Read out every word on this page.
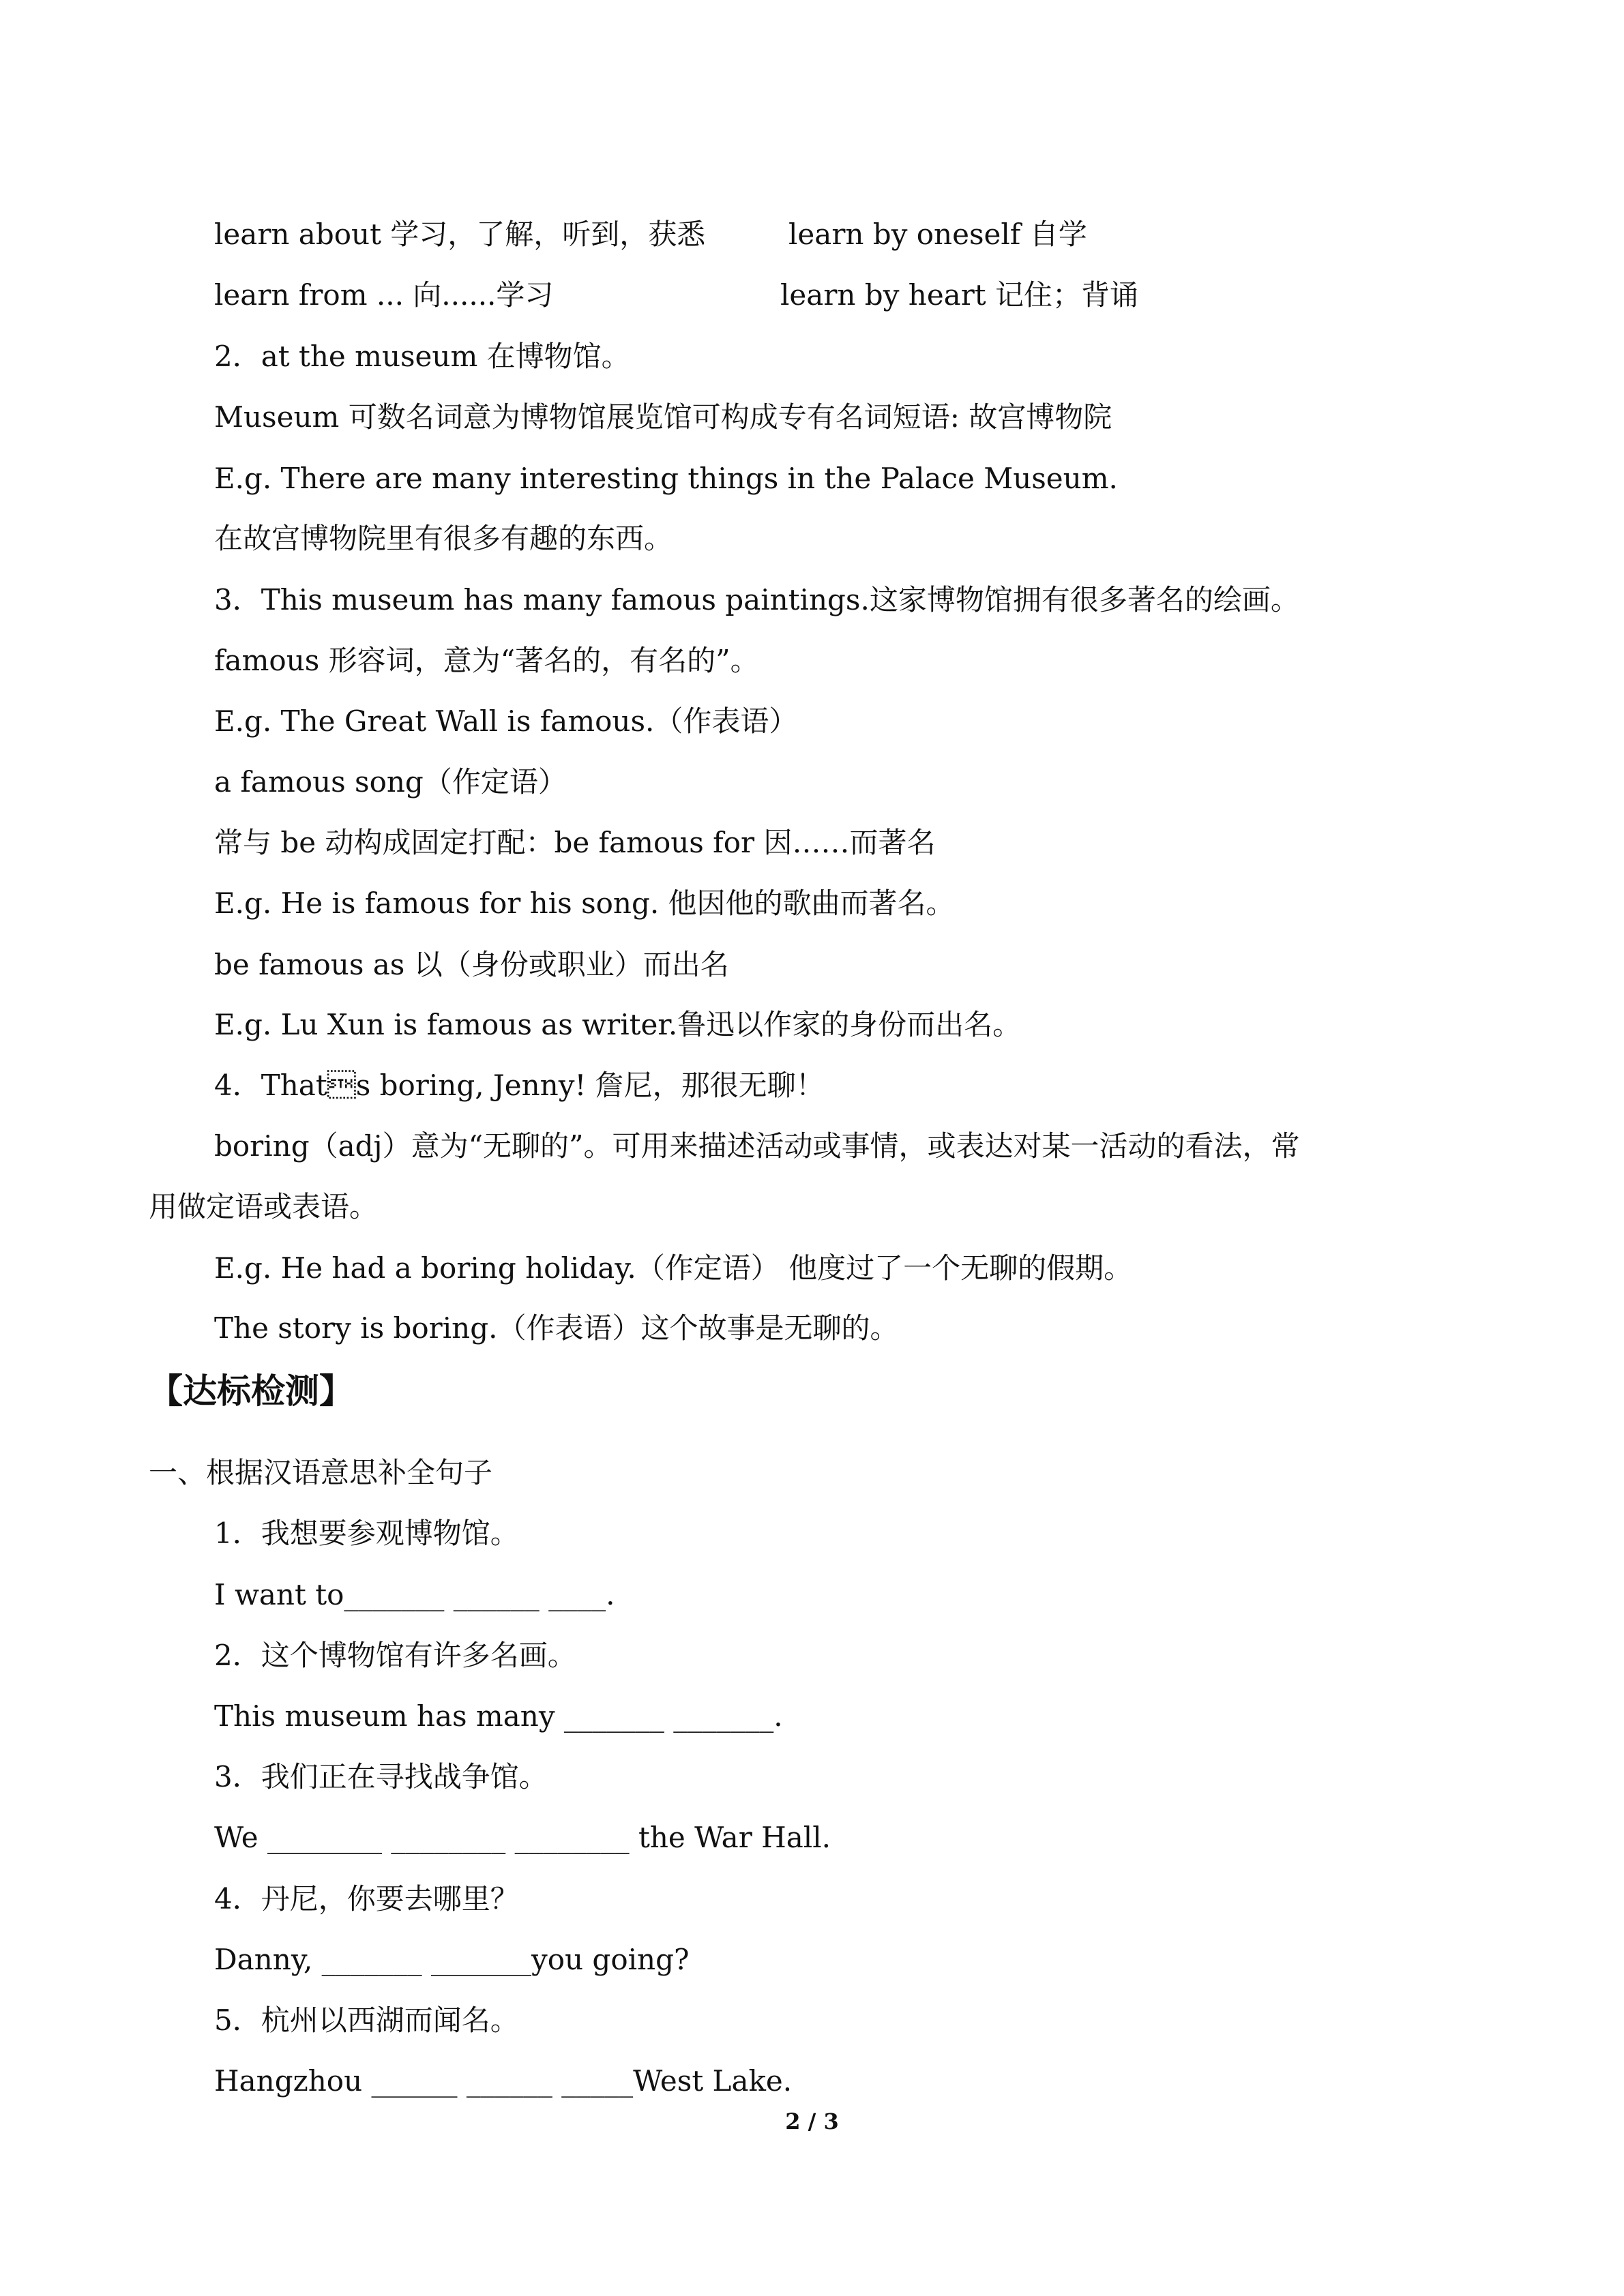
learn about 学习，了解，听到，获悉	learn by oneself 自学
learn from ... 向......学习	learn by heart 记住；背诵
2．at the museum 在博物馆。
Museum 可数名词意为博物馆展览馆可构成专有名词短语: 故宫博物院
E.g. There are many interesting things in the Palace Museum.
在故宫博物院里有很多有趣的东西。
3．This museum has many famous paintings.这家博物馆拥有很多著名的绘画。
famous 形容词，意为“著名的，有名的”。
E.g. The Great Wall is famous.（作表语）
a famous song（作定语）
常与 be 动构成固定打配：be famous for 因……而著名
E.g. He is famous for his song. 他因他的歌曲而著名。
be famous as 以（身份或职业）而出名
E.g. Lu Xun is famous as writer.鲁迅以作家的身份而出名。
4．Thats boring, Jenny! 詹尼，那很无聊！
boring（adj）意为“无聊的”。可用来描述活动或事情，或表达对某一活动的看法，常
用做定语或表语。
E.g. He had a boring holiday.（作定语） 他度过了一个无聊的假期。
The story is boring.（作表语）这个故事是无聊的。
【达标检测】
一、根据汉语意思补全句子
1．我想要参观博物馆。
I want to_______ ______ ____.
2．这个博物馆有许多名画。
This museum has many _______ _______.
3．我们正在寻找战争馆。
We ________ ________ ________ the War Hall.
4．丹尼，你要去哪里？
Danny, _______ _______you going?
5．杭州以西湖而闻名。
Hangzhou ______ ______ _____West Lake.
2 / 3
